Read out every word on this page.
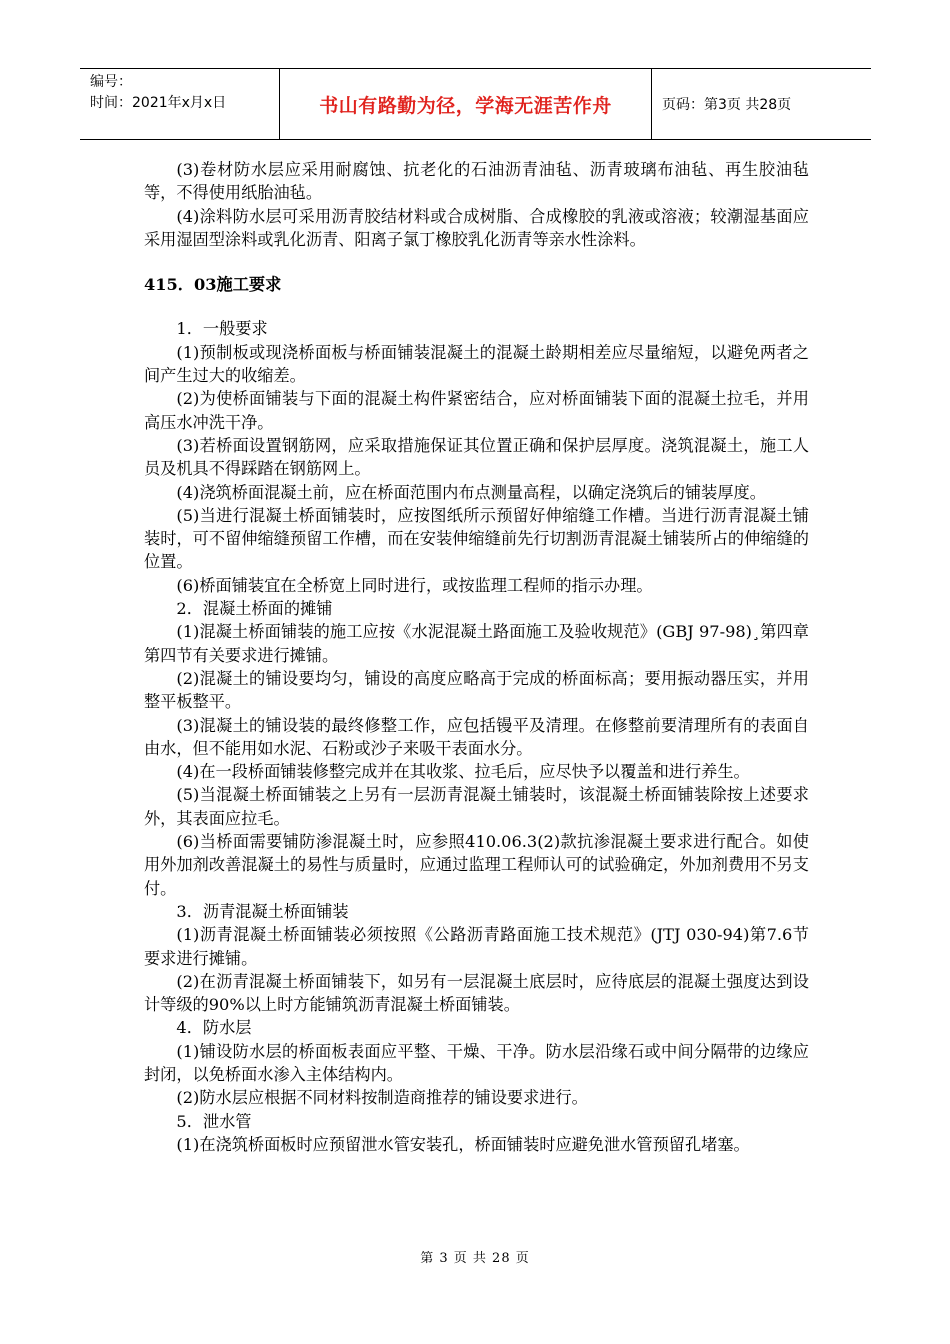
编号：
时间：2021年x月x日	书山有路勤为径，学海无涯苦作舟	页码：第3页 共28页

(3)卷材防水层应采用耐腐蚀、抗老化的石油沥青油毡、沥青玻璃布油毡、再生胶油毡等，不得使用纸胎油毡。

(4)涂料防水层可采用沥青胶结材料或合成树脂、合成橡胶的乳液或溶液；较潮湿基面应采用湿固型涂料或乳化沥青、阳离子氯丁橡胶乳化沥青等亲水性涂料。

415．03施工要求

1．一般要求

(1)预制板或现浇桥面板与桥面铺装混凝土的混凝土龄期相差应尽量缩短，以避免两者之间产生过大的收缩差。

(2)为使桥面铺装与下面的混凝土构件紧密结合，应对桥面铺装下面的混凝土拉毛，并用高压水冲洗干净。

(3)若桥面设置钢筋网，应采取措施保证其位置正确和保护层厚度。浇筑混凝土，施工人员及机具不得踩踏在钢筋网上。

(4)浇筑桥面混凝土前，应在桥面范围内布点测量高程，以确定浇筑后的铺装厚度。

(5)当进行混凝土桥面铺装时，应按图纸所示预留好伸缩缝工作槽。当进行沥青混凝土铺装时，可不留伸缩缝预留工作槽，而在安装伸缩缝前先行切割沥青混凝土铺装所占的伸缩缝的位置。

(6)桥面铺装宜在全桥宽上同时进行，或按监理工程师的指示办理。

2．混凝土桥面的摊铺

(1)混凝土桥面铺装的施工应按《水泥混凝土路面施工及验收规范》(GBJ 97-98)¸第四章第四节有关要求进行摊铺。

(2)混凝土的铺设要均匀，铺设的高度应略高于完成的桥面标高；要用振动器压实，并用整平板整平。

(3)混凝土的铺设装的最终修整工作，应包括镘平及清理。在修整前要清理所有的表面自由水，但不能用如水泥、石粉或沙子来吸干表面水分。

(4)在一段桥面铺装修整完成并在其收浆、拉毛后，应尽快予以覆盖和进行养生。

(5)当混凝土桥面铺装之上另有一层沥青混凝土铺装时，该混凝土桥面铺装除按上述要求外，其表面应拉毛。

(6)当桥面需要铺防渗混凝土时，应参照410.06.3(2)款抗渗混凝土要求进行配合。如使用外加剂改善混凝土的易性与质量时，应通过监理工程师认可的试验确定，外加剂费用不另支付。

3．沥青混凝土桥面铺装

(1)沥青混凝土桥面铺装必须按照《公路沥青路面施工技术规范》(JTJ 030-94)第7.6节要求进行摊铺。

(2)在沥青混凝土桥面铺装下，如另有一层混凝土底层时，应待底层的混凝土强度达到设计等级的90%以上时方能铺筑沥青混凝土桥面铺装。

4．防水层

(1)铺设防水层的桥面板表面应平整、干燥、干净。防水层沿缘石或中间分隔带的边缘应封闭，以免桥面水渗入主体结构内。

(2)防水层应根据不同材料按制造商推荐的铺设要求进行。

5．泄水管

(1)在浇筑桥面板时应预留泄水管安装孔，桥面铺装时应避免泄水管预留孔堵塞。

第 3 页 共 28 页
